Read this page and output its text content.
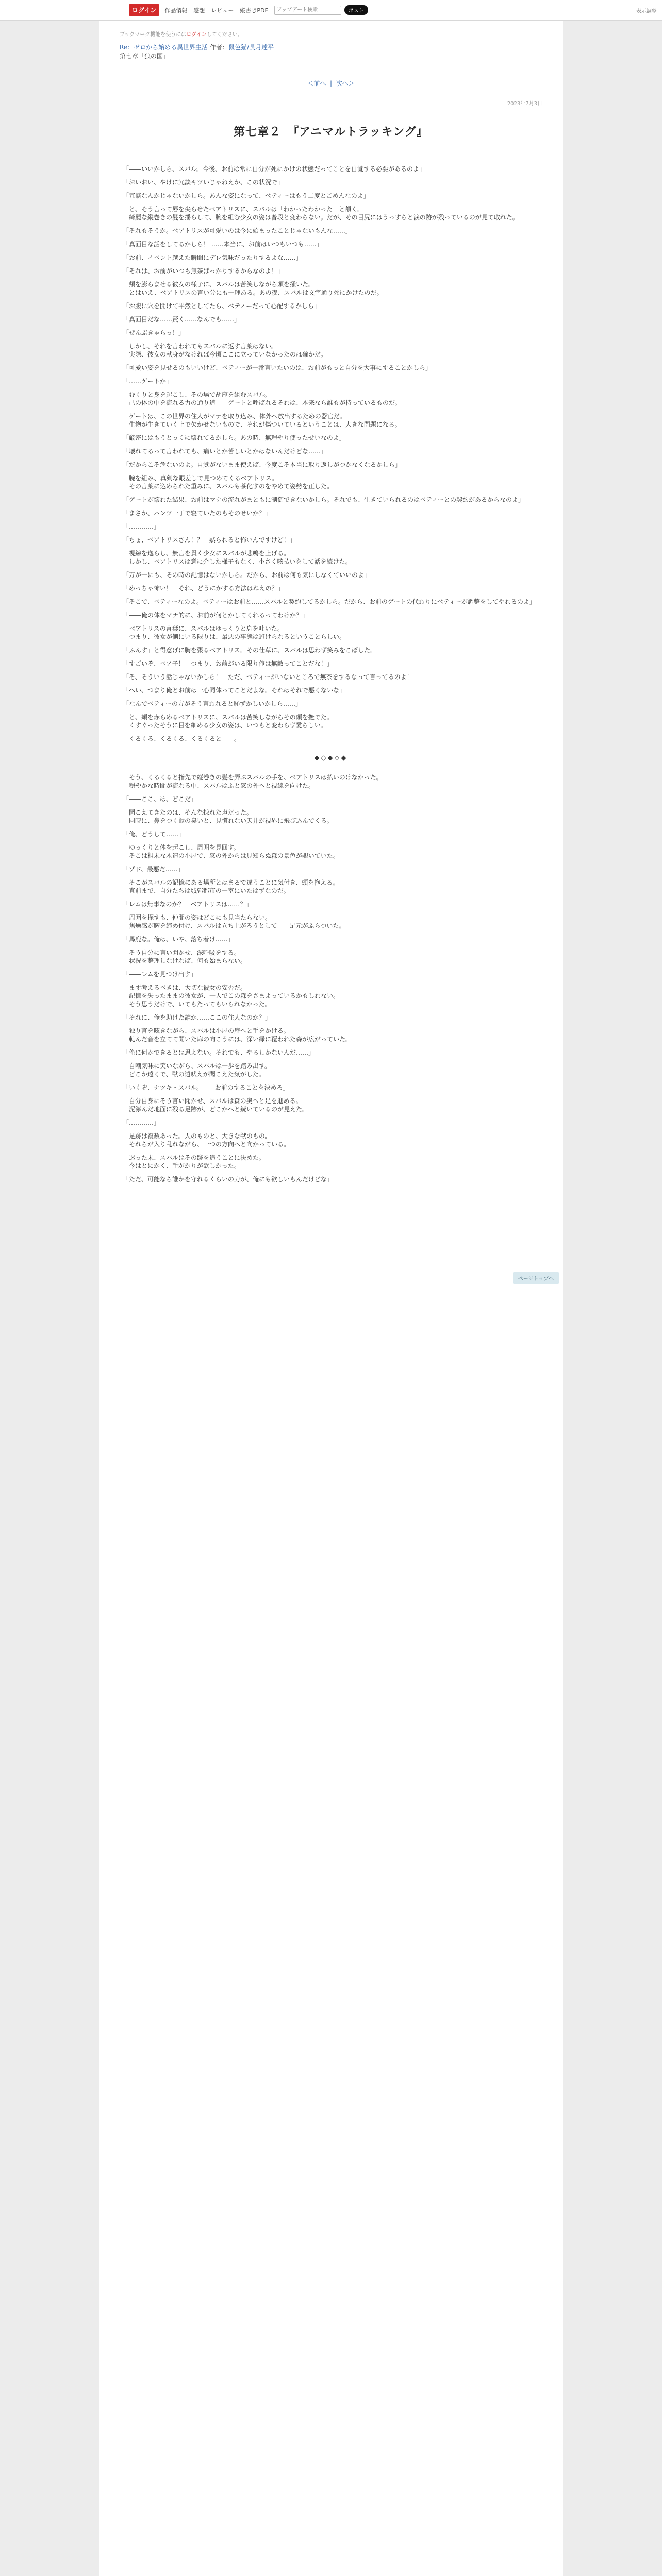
ログイン	作品情報 感想 レビュー 縦書きPDF
アップデート検索	ポスト	表示調整
ブックマーク機能を使うにはログインしてください。
Re：ゼロから始める異世界生活 作者：鼠色猫/長月達平
第七章「狼の国」
＜前へ  |  次へ＞
2023年7月3日
第七章２　『アニマルトラッキング』
「――いいかしら、スバル。今後、お前は常に自分が死にかけの状態だってことを自覚する必要があるのよ」
「おいおい、やけに冗談キツいじゃねえか、この状況で」
「冗談なんかじゃないかしら。あんな姿になって、ベティーはもう二度とごめんなのよ」
　と、そう言って唇を尖らせたベアトリスに、スバルは「わかったわかった」と頷く。
　綺麗な縦巻きの髪を揺らして、腕を組む少女の姿は普段と変わらない。だが、その目尻にはうっすらと涙の跡が残っているのが見て取れた。
「それもそうか。ベアトリスが可愛いのは今に始まったことじゃないもんな……」
「真面目な話をしてるかしら！ ……本当に、お前はいつもいつも……」
「お前、イベント越えた瞬間にデレ気味だったりするよな……」
「それは、お前がいつも無茶ばっかりするからなのよ！」
　頬を膨らませる彼女の様子に、スバルは苦笑しながら頭を掻いた。
　とはいえ、ベアトリスの言い分にも一理ある。あの夜、スバルは文字通り死にかけたのだ。
「お腹に穴を開けて平然としてたら、ベティーだって心配するかしら」
「真面目だな……賢く……なんでも……」
「ぜんぶきゃらっ！」
　しかし、それを言われてもスバルに返す言葉はない。
　実際、彼女の献身がなければ今頃ここに立っていなかったのは確かだ。
「可愛い姿を見せるのもいいけど、ベティーが一番言いたいのは、お前がもっと自分を大事にすることかしら」
「……ゲートか」
　むくりと身を起こし、その場で胡座を組むスバル。
　己の体の中を流れる力の通り道――ゲートと呼ばれるそれは、本来なら誰もが持っているものだ。
　ゲートは、この世界の住人がマナを取り込み、体外へ放出するための器官だ。
　生物が生きていく上で欠かせないもので、それが傷ついているということは、大きな問題になる。
「厳密にはもうとっくに壊れてるかしら。あの時、無理やり使ったせいなのよ」
「壊れてるって言われても、痛いとか苦しいとかはないんだけどな……」
「だからこそ危ないのよ。自覚がないまま使えば、今度こそ本当に取り返しがつかなくなるかしら」
　腕を組み、真剣な眼差しで見つめてくるベアトリス。
　その言葉に込められた重みに、スバルも茶化すのをやめて姿勢を正した。
「ゲートが壊れた結果、お前はマナの流れがまともに制御できないかしら。それでも、生きていられるのはベティーとの契約があるからなのよ」
「まさか、パンツ一丁で寝ていたのもそのせいか？」
「…………」
「ちょ、ベアトリスさん！？　黙られると怖いんですけど！」
　視線を逸らし、無言を貫く少女にスバルが悲鳴を上げる。
　しかし、ベアトリスは意に介した様子もなく、小さく咳払いをして話を続けた。
「万が一にも、その時の記憶はないかしら。だから、お前は何も気にしなくていいのよ」
「めっちゃ怖い！　それ、どうにかする方法はねえの？」
「そこで、ベティーなのよ。ベティーはお前と……スバルと契約してるかしら。だから、お前のゲートの代わりにベティーが調整をしてやれるのよ」
「――俺の体をマナ的に、お前が何とかしてくれるってわけか？」
　ベアトリスの言葉に、スバルはゆっくりと息を吐いた。
　つまり、彼女が側にいる限りは、最悪の事態は避けられるということらしい。
「ふんす」と得意げに胸を張るベアトリス。その仕草に、スバルは思わず笑みをこぼした。
「すごいぞ、ベア子！　つまり、お前がいる限り俺は無敵ってことだな！」
「そ、そういう話じゃないかしら！　ただ、ベティーがいないところで無茶をするなって言ってるのよ！」
「へい、つまり俺とお前は一心同体ってことだよな。それはそれで悪くないな」
「なんでベティーの方がそう言われると恥ずかしいかしら……」
　と、頬を赤らめるベアトリスに、スバルは苦笑しながらその頭を撫でた。
　くすぐったそうに目を細める少女の姿は、いつもと変わらず愛らしい。
　くるくる、くるくる、くるくると――。
◆◇◆◇◆
　そう、くるくると指先で縦巻きの髪を弄ぶスバルの手を、ベアトリスは払いのけなかった。
　穏やかな時間が流れる中、スバルはふと窓の外へと視線を向けた。
「――ここ、は、どこだ」
　聞こえてきたのは、そんな掠れた声だった。
　同時に、鼻をつく獣の臭いと、見慣れない天井が視界に飛び込んでくる。
「俺、どうして……」
　ゆっくりと体を起こし、周囲を見回す。
　そこは粗末な木造の小屋で、窓の外からは見知らぬ森の景色が覗いていた。
「ゾド、最悪だ……」
　そこがスバルの記憶にある場所とはまるで違うことに気付き、頭を抱える。
　直前まで、自分たちは城郭都市の一室にいたはずなのだ。
「レムは無事なのか？　ベアトリスは……？」
　周囲を探すも、仲間の姿はどこにも見当たらない。
　焦燥感が胸を締め付け、スバルは立ち上がろうとして――足元がふらついた。
「馬鹿な。俺は、いや、落ち着け……」
　そう自分に言い聞かせ、深呼吸をする。
　状況を整理しなければ、何も始まらない。
「――レムを見つけ出す」
　まず考えるべきは、大切な彼女の安否だ。
　記憶を失ったままの彼女が、一人でこの森をさまよっているかもしれない。
　そう思うだけで、いてもたってもいられなかった。
「それに、俺を助けた誰か……ここの住人なのか？」
　独り言を呟きながら、スバルは小屋の扉へと手をかける。
　軋んだ音を立てて開いた扉の向こうには、深い緑に覆われた森が広がっていた。
「俺に何かできるとは思えない。それでも、やるしかないんだ……」
　自嘲気味に笑いながら、スバルは一歩を踏み出す。
　どこか遠くで、獣の遠吠えが聞こえた気がした。
「いくぞ、ナツキ・スバル。――お前のすることを決めろ」
　自分自身にそう言い聞かせ、スバルは森の奥へと足を進める。
　泥濘んだ地面に残る足跡が、どこかへと続いているのが見えた。
「…………」
　足跡は複数あった。人のものと、大きな獣のもの。
　それらが入り乱れながら、一つの方向へと向かっている。
　迷った末、スバルはその跡を追うことに決めた。
　今はとにかく、手がかりが欲しかった。
「ただ、可能なら誰かを守れるくらいの力が、俺にも欲しいもんだけどな」
ページトップへ
